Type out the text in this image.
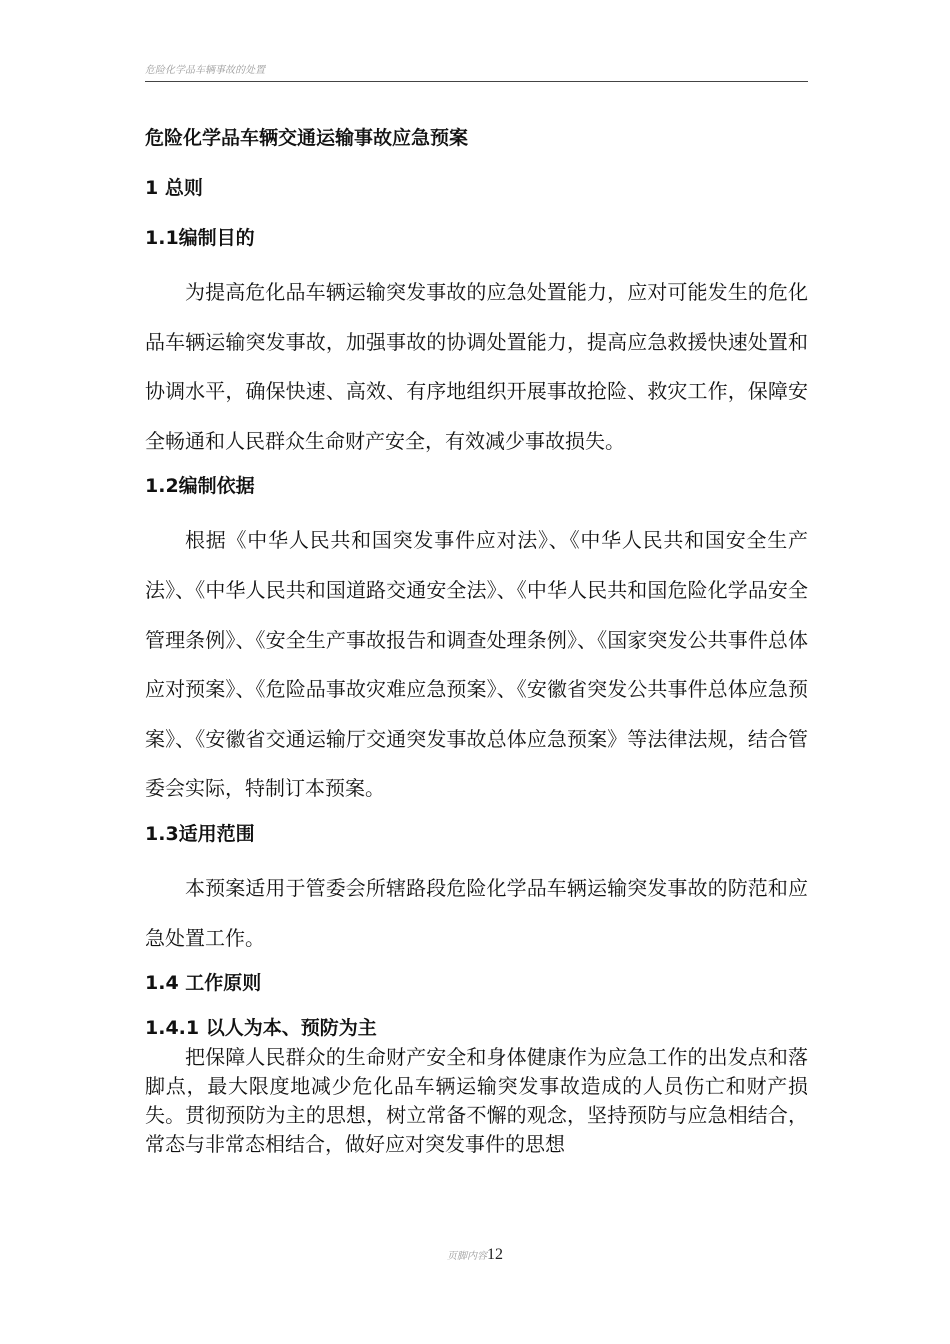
危险化学品车辆事故的处置
危险化学品车辆交通运输事故应急预案
1 总则
1.1编制目的

为提高危化品车辆运输突发事故的应急处置能力，应对可能发生的危化品车辆运输突发事故，加强事故的协调处置能力，提高应急救援快速处置和协调水平，确保快速、高效、有序地组织开展事故抢险、救灾工作，保障安全畅通和人民群众生命财产安全，有效减少事故损失。

1.2编制依据

根据《中华人民共和国突发事件应对法》、《中华人民共和国安全生产法》、《中华人民共和国道路交通安全法》、《中华人民共和国危险化学品安全管理条例》、《安全生产事故报告和调查处理条例》、《国家突发公共事件总体应对预案》、《危险品事故灾难应急预案》、《安徽省突发公共事件总体应急预案》、《安徽省交通运输厅交通突发事故总体应急预案》等法律法规，结合管委会实际，特制订本预案。

1.3适用范围

本预案适用于管委会所辖路段危险化学品车辆运输突发事故的防范和应急处置工作。

1.4 工作原则
1.4.1 以人为本、预防为主

把保障人民群众的生命财产安全和身体健康作为应急工作的出发点和落脚点，最大限度地减少危化品车辆运输突发事故造成的人员伤亡和财产损失。贯彻预防为主的思想，树立常备不懈的观念，坚持预防与应急相结合，常态与非常态相结合，做好应对突发事件的思想

页脚内容12
